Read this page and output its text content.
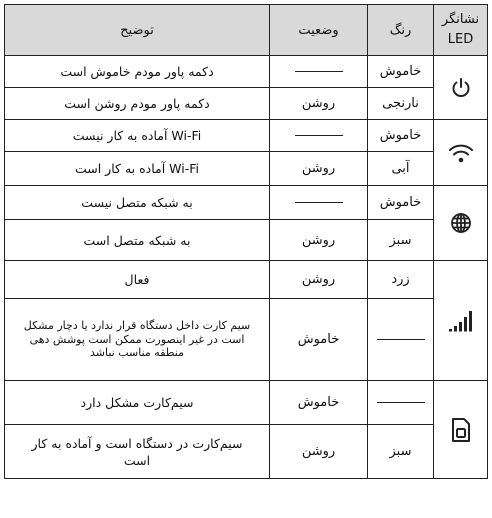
نشانگر
LED	رنگ	وضعیت	توضیح

	خاموش		دکمه پاور مودم خاموش است
	نارنجی	روشن	دکمه پاور مودم روشن است

	خاموش		Wi-Fi آماده به کار نیست
	آبی	روشن	Wi-Fi آماده به کار است

	خاموش		به شبکه متصل نیست
	سبز	روشن	به شبکه متصل است

	زرد	روشن	فعال
		خاموش	سیم کارت داخل دستگاه قرار ندارد یا دچار مشکل است در غیر اینصورت ممکن است پوشش دهی منطقه مناسب نباشد

		خاموش	سیم‌کارت مشکل دارد
	سبز	روشن	سیم‌کارت در دستگاه است و آماده به کار است
